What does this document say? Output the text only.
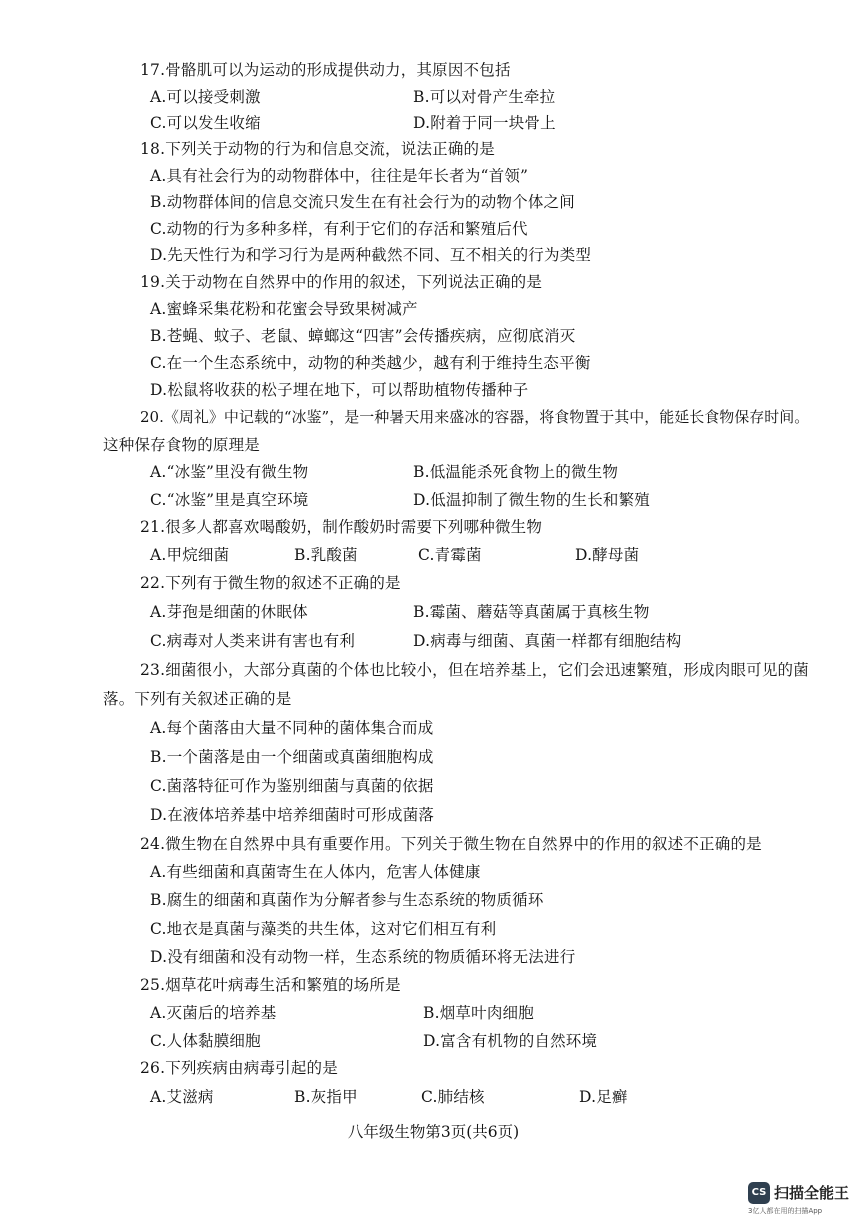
17.骨骼肌可以为运动的形成提供动力，其原因不包括
A.可以接受刺激	B.可以对骨产生牵拉
C.可以发生收缩	D.附着于同一块骨上
18.下列关于动物的行为和信息交流，说法正确的是
A.具有社会行为的动物群体中，往往是年长者为“首领”
B.动物群体间的信息交流只发生在有社会行为的动物个体之间
C.动物的行为多种多样，有利于它们的存活和繁殖后代
D.先天性行为和学习行为是两种截然不同、互不相关的行为类型
19.关于动物在自然界中的作用的叙述，下列说法正确的是
A.蜜蜂采集花粉和花蜜会导致果树减产
B.苍蝇、蚊子、老鼠、蟑螂这“四害”会传播疾病，应彻底消灭
C.在一个生态系统中，动物的种类越少，越有利于维持生态平衡
D.松鼠将收获的松子埋在地下，可以帮助植物传播种子
20.《周礼》中记载的“冰鉴”，是一种暑天用来盛冰的容器，将食物置于其中，能延长食物保存时间。
这种保存食物的原理是
A.“冰鉴”里没有微生物	B.低温能杀死食物上的微生物
C.“冰鉴”里是真空环境	D.低温抑制了微生物的生长和繁殖
21.很多人都喜欢喝酸奶，制作酸奶时需要下列哪种微生物
A.甲烷细菌	B.乳酸菌	C.青霉菌	D.酵母菌
22.下列有于微生物的叙述不正确的是
A.芽孢是细菌的休眠体	B.霉菌、蘑菇等真菌属于真核生物
C.病毒对人类来讲有害也有利	D.病毒与细菌、真菌一样都有细胞结构
23.细菌很小，大部分真菌的个体也比较小，但在培养基上，它们会迅速繁殖，形成肉眼可见的菌
落。下列有关叙述正确的是
A.每个菌落由大量不同种的菌体集合而成
B.一个菌落是由一个细菌或真菌细胞构成
C.菌落特征可作为鉴别细菌与真菌的依据
D.在液体培养基中培养细菌时可形成菌落
24.微生物在自然界中具有重要作用。下列关于微生物在自然界中的作用的叙述不正确的是
A.有些细菌和真菌寄生在人体内，危害人体健康
B.腐生的细菌和真菌作为分解者参与生态系统的物质循环
C.地衣是真菌与藻类的共生体，这对它们相互有利
D.没有细菌和没有动物一样，生态系统的物质循环将无法进行
25.烟草花叶病毒生活和繁殖的场所是
A.灭菌后的培养基	B.烟草叶肉细胞
C.人体黏膜细胞	D.富含有机物的自然环境
26.下列疾病由病毒引起的是
A.艾滋病	B.灰指甲	C.肺结核	D.足癣
八年级生物第3页(共6页)
CS 扫描全能王
3亿人都在用的扫描App
